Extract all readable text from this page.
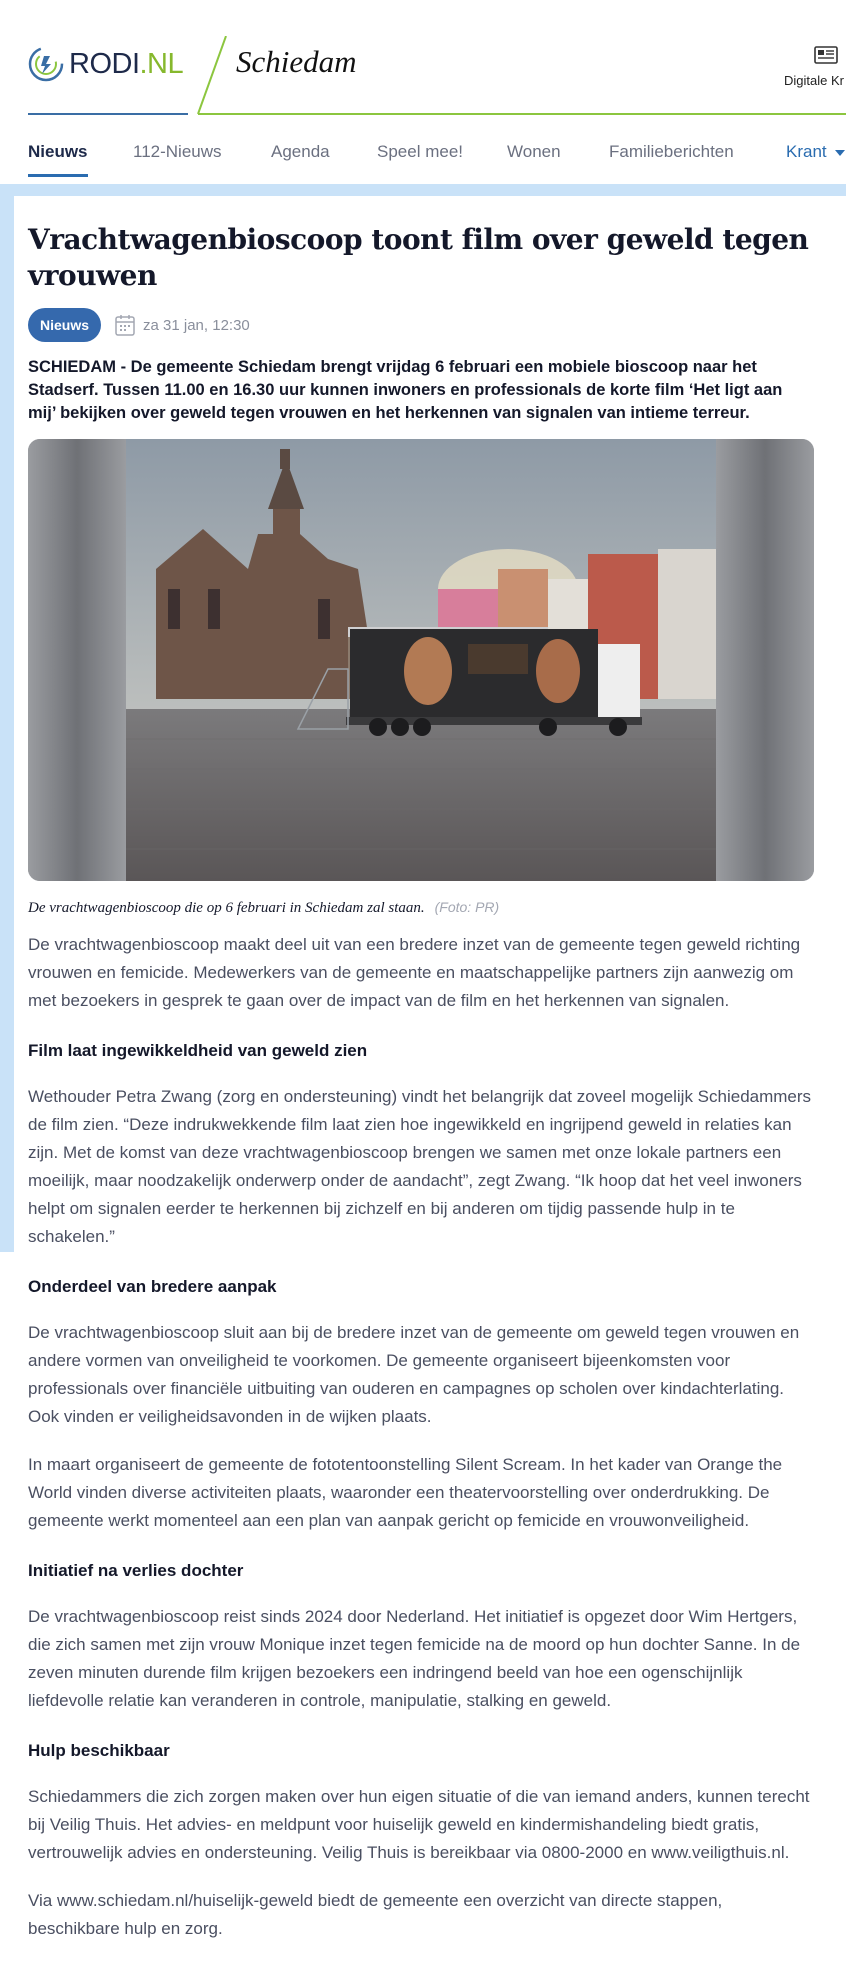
RODI.NL Schiedam
Digitale Kr
Nieuws	112-Nieuws	Agenda	Speel mee!	Wonen	Familieberichten	Krant
Vrachtwagenbioscoop toont film over geweld tegen vrouwen
Nieuws	za 31 jan, 12:30

SCHIEDAM - De gemeente Schiedam brengt vrijdag 6 februari een mobiele bioscoop naar het Stadserf. Tussen 11.00 en 16.30 uur kunnen inwoners en professionals de korte film ‘Het ligt aan mij’ bekijken over geweld tegen vrouwen en het herkennen van signalen van intieme terreur.

De vrachtwagenbioscoop die op 6 februari in Schiedam zal staan. (Foto: PR)

De vrachtwagenbioscoop maakt deel uit van een bredere inzet van de gemeente tegen geweld richting vrouwen en femicide. Medewerkers van de gemeente en maatschappelijke partners zijn aanwezig om met bezoekers in gesprek te gaan over de impact van de film en het herkennen van signalen.

Film laat ingewikkeldheid van geweld zien

Wethouder Petra Zwang (zorg en ondersteuning) vindt het belangrijk dat zoveel mogelijk Schiedammers de film zien. “Deze indrukwekkende film laat zien hoe ingewikkeld en ingrijpend geweld in relaties kan zijn. Met de komst van deze vrachtwagenbioscoop brengen we samen met onze lokale partners een moeilijk, maar noodzakelijk onderwerp onder de aandacht”, zegt Zwang. “Ik hoop dat het veel inwoners helpt om signalen eerder te herkennen bij zichzelf en bij anderen om tijdig passende hulp in te schakelen.”

Onderdeel van bredere aanpak

De vrachtwagenbioscoop sluit aan bij de bredere inzet van de gemeente om geweld tegen vrouwen en andere vormen van onveiligheid te voorkomen. De gemeente organiseert bijeenkomsten voor professionals over financiële uitbuiting van ouderen en campagnes op scholen over kindachterlating. Ook vinden er veiligheidsavonden in de wijken plaats.

In maart organiseert de gemeente de fototentoonstelling Silent Scream. In het kader van Orange the World vinden diverse activiteiten plaats, waaronder een theatervoorstelling over onderdrukking. De gemeente werkt momenteel aan een plan van aanpak gericht op femicide en vrouwonveiligheid.

Initiatief na verlies dochter

De vrachtwagenbioscoop reist sinds 2024 door Nederland. Het initiatief is opgezet door Wim Hertgers, die zich samen met zijn vrouw Monique inzet tegen femicide na de moord op hun dochter Sanne. In de zeven minuten durende film krijgen bezoekers een indringend beeld van hoe een ogenschijnlijk liefdevolle relatie kan veranderen in controle, manipulatie, stalking en geweld.

Hulp beschikbaar

Schiedammers die zich zorgen maken over hun eigen situatie of die van iemand anders, kunnen terecht bij Veilig Thuis. Het advies- en meldpunt voor huiselijk geweld en kindermishandeling biedt gratis, vertrouwelijk advies en ondersteuning. Veilig Thuis is bereikbaar via 0800-2000 en www.veiligthuis.nl.

Via www.schiedam.nl/huiselijk-geweld biedt de gemeente een overzicht van directe stappen, beschikbare hulp en zorg.
